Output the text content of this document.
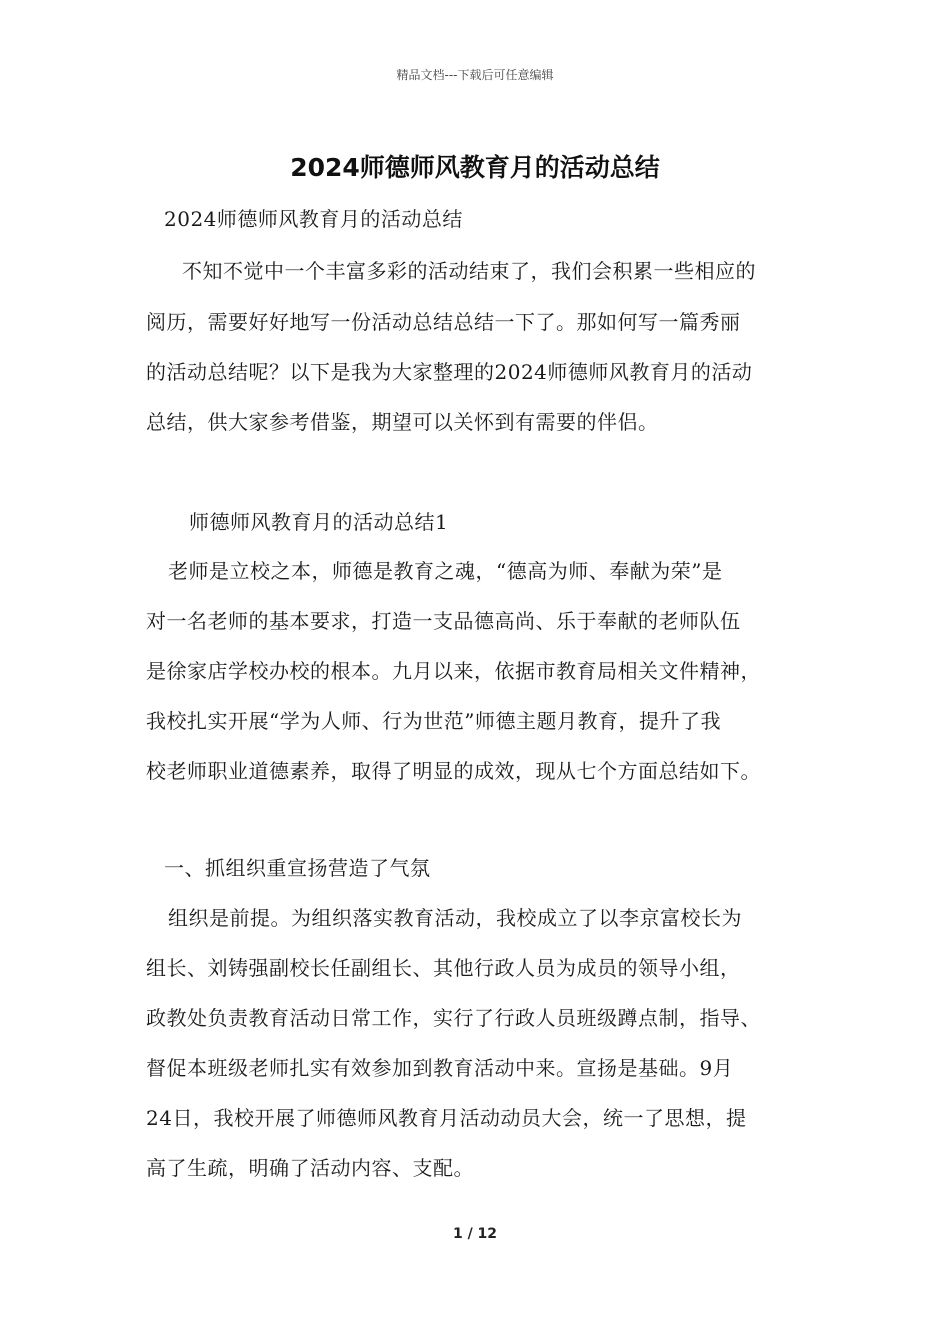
精品文档---下载后可任意编辑
2024师德师风教育月的活动总结
2024师德师风教育月的活动总结
不知不觉中一个丰富多彩的活动结束了，我们会积累一些相应的
阅历，需要好好地写一份活动总结总结一下了。那如何写一篇秀丽
的活动总结呢？以下是我为大家整理的2024师德师风教育月的活动
总结，供大家参考借鉴，期望可以关怀到有需要的伴侣。
师德师风教育月的活动总结1
老师是立校之本，师德是教育之魂，“德高为师、奉献为荣”是
对一名老师的基本要求，打造一支品德高尚、乐于奉献的老师队伍
是徐家店学校办校的根本。九月以来，依据市教育局相关文件精神，
我校扎实开展“学为人师、行为世范”师德主题月教育，提升了我
校老师职业道德素养，取得了明显的成效，现从七个方面总结如下。
一、抓组织重宣扬营造了气氛
组织是前提。为组织落实教育活动，我校成立了以李京富校长为
组长、刘铸强副校长任副组长、其他行政人员为成员的领导小组，
政教处负责教育活动日常工作，实行了行政人员班级蹲点制，指导、
督促本班级老师扎实有效参加到教育活动中来。宣扬是基础。9月
24日，我校开展了师德师风教育月活动动员大会，统一了思想，提
高了生疏，明确了活动内容、支配。
1 / 12
